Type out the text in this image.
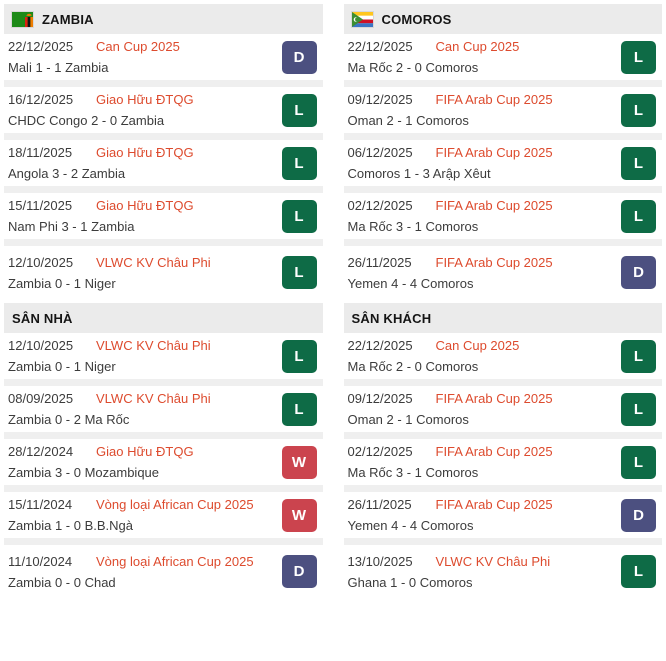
ZAMBIA
22/12/2025	Can Cup 2025
Mali 1 - 1 Zambia
D
16/12/2025	Giao Hữu ĐTQG
CHDC Congo 2 - 0 Zambia
L
18/11/2025	Giao Hữu ĐTQG
Angola 3 - 2 Zambia
L
15/11/2025	Giao Hữu ĐTQG
Nam Phi 3 - 1 Zambia
L
12/10/2025	VLWC KV Châu Phi
Zambia 0 - 1 Niger
L
SÂN NHÀ
12/10/2025	VLWC KV Châu Phi
Zambia 0 - 1 Niger
L
08/09/2025	VLWC KV Châu Phi
Zambia 0 - 2 Ma Rốc
L
28/12/2024	Giao Hữu ĐTQG
Zambia 3 - 0 Mozambique
W
15/11/2024	Vòng loại African Cup 2025
Zambia 1 - 0 B.B.Ngà
W
11/10/2024	Vòng loại African Cup 2025
Zambia 0 - 0 Chad
D
COMOROS
22/12/2025	Can Cup 2025
Ma Rốc 2 - 0 Comoros
L
09/12/2025	FIFA Arab Cup 2025
Oman 2 - 1 Comoros
L
06/12/2025	FIFA Arab Cup 2025
Comoros 1 - 3 Arập Xêut
L
02/12/2025	FIFA Arab Cup 2025
Ma Rốc 3 - 1 Comoros
L
26/11/2025	FIFA Arab Cup 2025
Yemen 4 - 4 Comoros
D
SÂN KHÁCH
22/12/2025	Can Cup 2025
Ma Rốc 2 - 0 Comoros
L
09/12/2025	FIFA Arab Cup 2025
Oman 2 - 1 Comoros
L
02/12/2025	FIFA Arab Cup 2025
Ma Rốc 3 - 1 Comoros
L
26/11/2025	FIFA Arab Cup 2025
Yemen 4 - 4 Comoros
D
13/10/2025	VLWC KV Châu Phi
Ghana 1 - 0 Comoros
L
